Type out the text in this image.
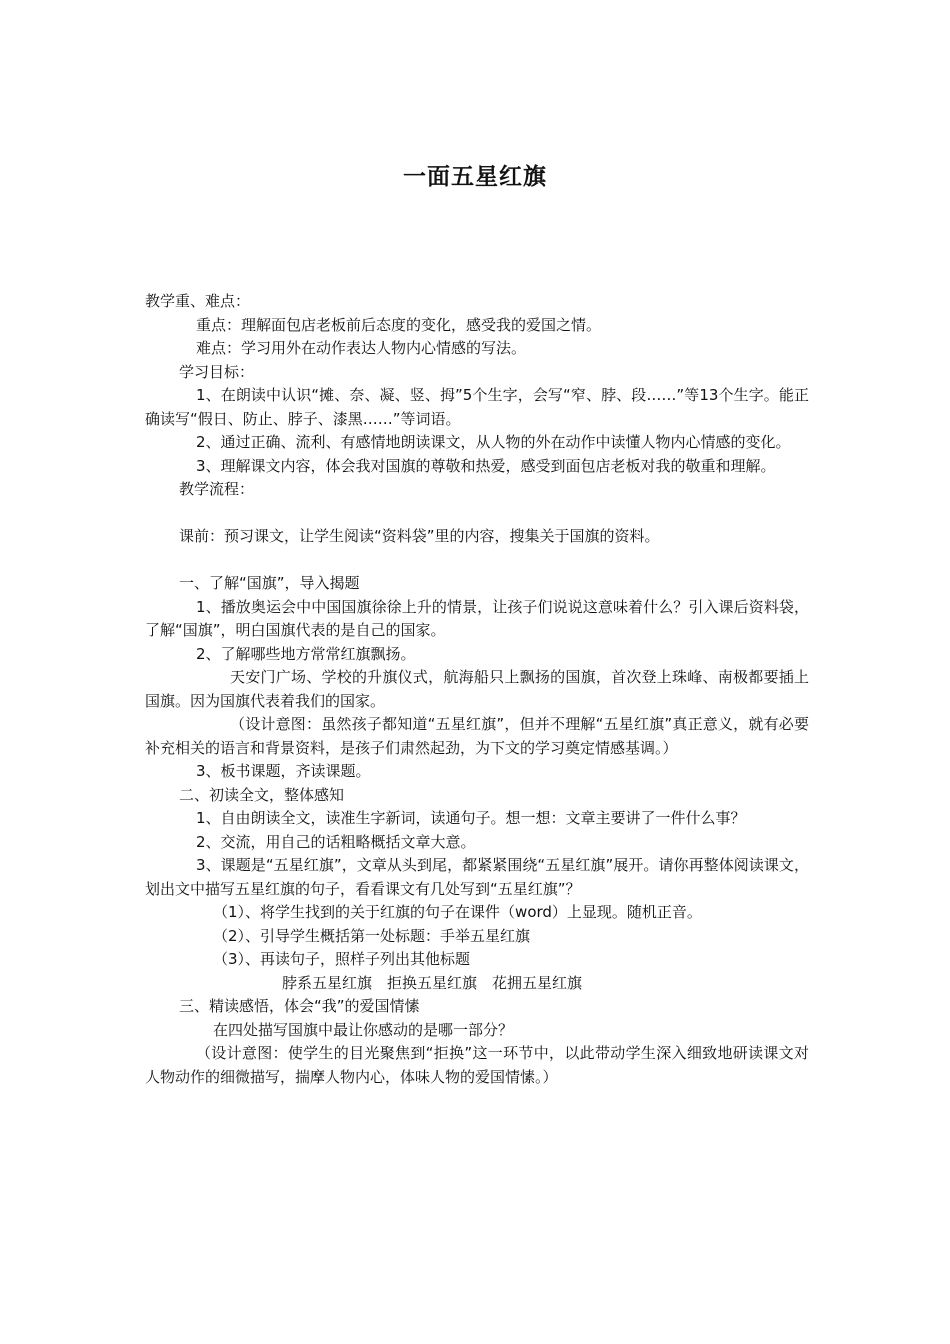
一面五星红旗

教学重、难点：

重点：理解面包店老板前后态度的变化，感受我的爱国之情。

难点：学习用外在动作表达人物内心情感的写法。

学习目标：

1、在朗读中认识“摊、奈、凝、竖、拇”5个生字，会写“窄、脖、段……”等13个生字。能正确读写“假日、防止、脖子、漆黑……”等词语。

2、通过正确、流利、有感情地朗读课文，从人物的外在动作中读懂人物内心情感的变化。

3、理解课文内容，体会我对国旗的尊敬和热爱，感受到面包店老板对我的敬重和理解。

教学流程：

课前：预习课文，让学生阅读“资料袋”里的内容，搜集关于国旗的资料。

一、了解“国旗”，导入揭题

1、播放奥运会中中国国旗徐徐上升的情景，让孩子们说说这意味着什么？引入课后资料袋，了解“国旗”，明白国旗代表的是自己的国家。

2、了解哪些地方常常红旗飘扬。

天安门广场、学校的升旗仪式，航海船只上飘扬的国旗，首次登上珠峰、南极都要插上国旗。因为国旗代表着我们的国家。

（设计意图：虽然孩子都知道“五星红旗”，但并不理解“五星红旗”真正意义，就有必要补充相关的语言和背景资料，是孩子们肃然起劲，为下文的学习奠定情感基调。）

3、板书课题，齐读课题。

二、初读全文，整体感知

1、自由朗读全文，读准生字新词，读通句子。想一想：文章主要讲了一件什么事？

2、交流，用自己的话粗略概括文章大意。

3、课题是“五星红旗”，文章从头到尾，都紧紧围绕“五星红旗”展开。请你再整体阅读课文，划出文中描写五星红旗的句子，看看课文有几处写到“五星红旗”？

（1）、将学生找到的关于红旗的句子在课件（word）上显现。随机正音。

（2）、引导学生概括第一处标题：手举五星红旗

（3）、再读句子，照样子列出其他标题

脖系五星红旗　拒换五星红旗　花拥五星红旗

三、精读感悟，体会“我”的爱国情愫

在四处描写国旗中最让你感动的是哪一部分？

（设计意图：使学生的目光聚焦到“拒换”这一环节中，以此带动学生深入细致地研读课文对人物动作的细微描写，揣摩人物内心，体味人物的爱国情愫。）
